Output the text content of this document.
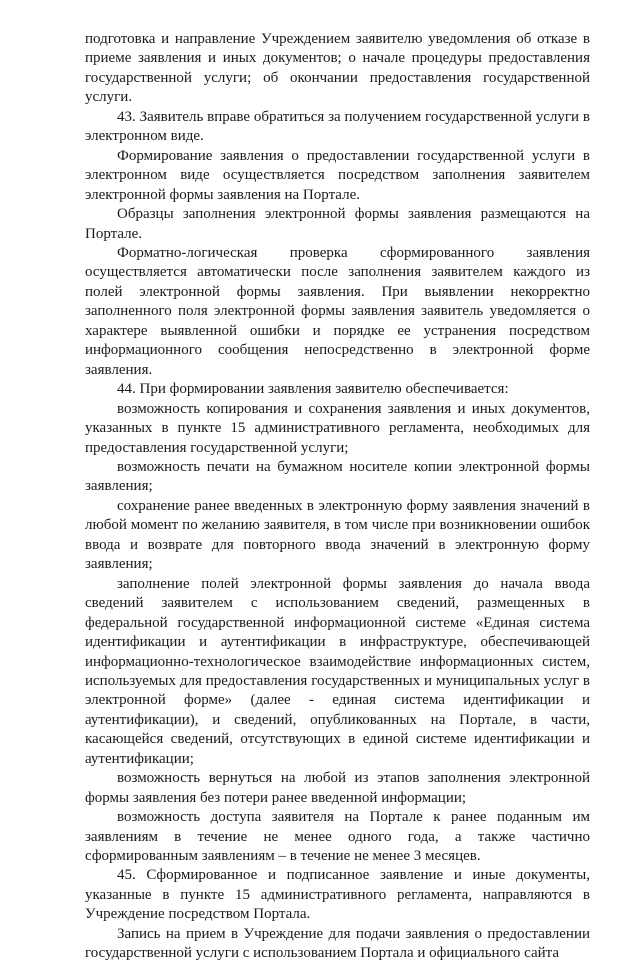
подготовка и направление Учреждением заявителю уведомления об отказе в приеме заявления и иных документов; о начале процедуры предоставления государственной услуги; об окончании предоставления государственной услуги.

43. Заявитель вправе обратиться за получением государственной услуги в электронном виде.

Формирование заявления о предоставлении государственной услуги в электронном виде осуществляется посредством заполнения заявителем электронной формы заявления на Портале.

Образцы заполнения электронной формы заявления размещаются на Портале.

Форматно-логическая проверка сформированного заявления осуществляется автоматически после заполнения заявителем каждого из полей электронной формы заявления. При выявлении некорректно заполненного поля электронной формы заявления заявитель уведомляется о характере выявленной ошибки и порядке ее устранения посредством информационного сообщения непосредственно в электронной форме заявления.

44. При формировании заявления заявителю обеспечивается:

возможность копирования и сохранения заявления и иных документов, указанных в пункте 15 административного регламента, необходимых для предоставления государственной услуги;

возможность печати на бумажном носителе копии электронной формы заявления;

сохранение ранее введенных в электронную форму заявления значений в любой момент по желанию заявителя, в том числе при возникновении ошибок ввода и возврате для повторного ввода значений в электронную форму заявления;

заполнение полей электронной формы заявления до начала ввода сведений заявителем с использованием сведений, размещенных в федеральной государственной информационной системе «Единая система идентификации и аутентификации в инфраструктуре, обеспечивающей информационно-технологическое взаимодействие информационных систем, используемых для предоставления государственных и муниципальных услуг в электронной форме» (далее - единая система идентификации и аутентификации), и сведений, опубликованных на Портале, в части, касающейся сведений, отсутствующих в единой системе идентификации и аутентификации;

возможность вернуться на любой из этапов заполнения электронной формы заявления без потери ранее введенной информации;

возможность доступа заявителя на Портале к ранее поданным им заявлениям в течение не менее одного года, а также частично сформированным заявлениям – в течение не менее 3 месяцев.

45. Сформированное и подписанное заявление и иные документы, указанные в пункте 15 административного регламента, направляются в Учреждение посредством Портала.

Запись на прием в Учреждение для подачи заявления о предоставлении государственной услуги с использованием Портала и официального сайта
